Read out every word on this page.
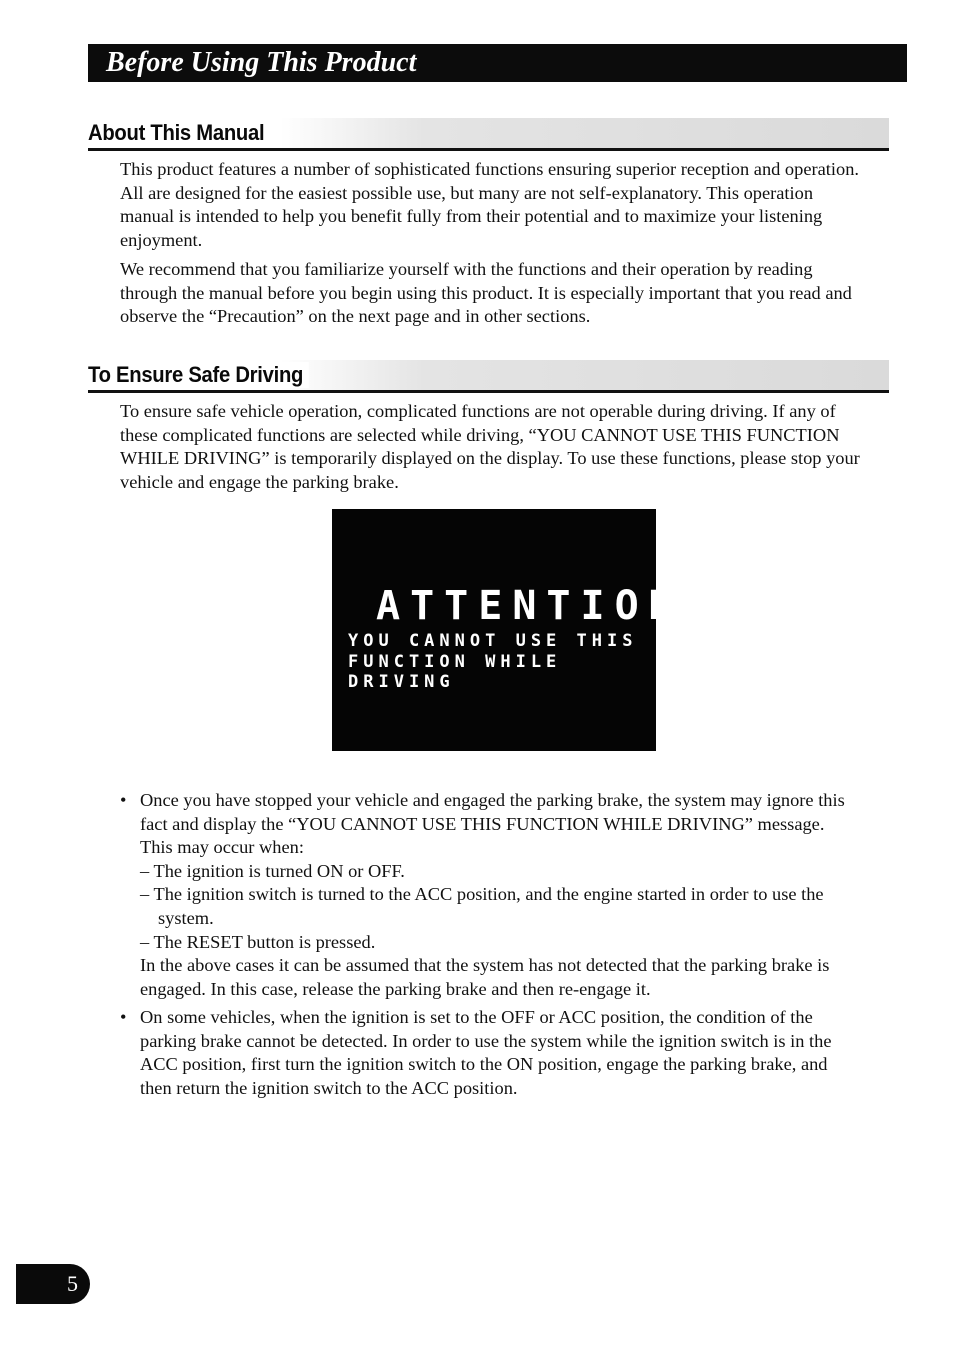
Before Using This Product
About This Manual

This product features a number of sophisticated functions ensuring superior reception and operation. All are designed for the easiest possible use, but many are not self-explanatory. This operation manual is intended to help you benefit fully from their potential and to maximize your listening enjoyment.

We recommend that you familiarize yourself with the functions and their operation by reading through the manual before you begin using this product. It is especially important that you read and observe the “Precaution” on the next page and in other sections.

To Ensure Safe Driving

To ensure safe vehicle operation, complicated functions are not operable during driving. If any of these complicated functions are selected while driving, “YOU CANNOT USE THIS FUNCTION WHILE DRIVING” is temporarily displayed on the display. To use these functions, please stop your vehicle and engage the parking brake.

ATTENTION
YOU CANNOT USE THIS
FUNCTION WHILE DRIVING
• Once you have stopped your vehicle and engaged the parking brake, the system may ignore this fact and display the “YOU CANNOT USE THIS FUNCTION WHILE DRIVING” message. This may occur when:

– The ignition is turned ON or OFF.

– The ignition switch is turned to the ACC position, and the engine started in order to use the system.

– The RESET button is pressed.

In the above cases it can be assumed that the system has not detected that the parking brake is engaged. In this case, release the parking brake and then re-engage it.

• On some vehicles, when the ignition is set to the OFF or ACC position, the condition of the parking brake cannot be detected. In order to use the system while the ignition switch is in the ACC position, first turn the ignition switch to the ON position, engage the parking brake, and then return the ignition switch to the ACC position.

5
